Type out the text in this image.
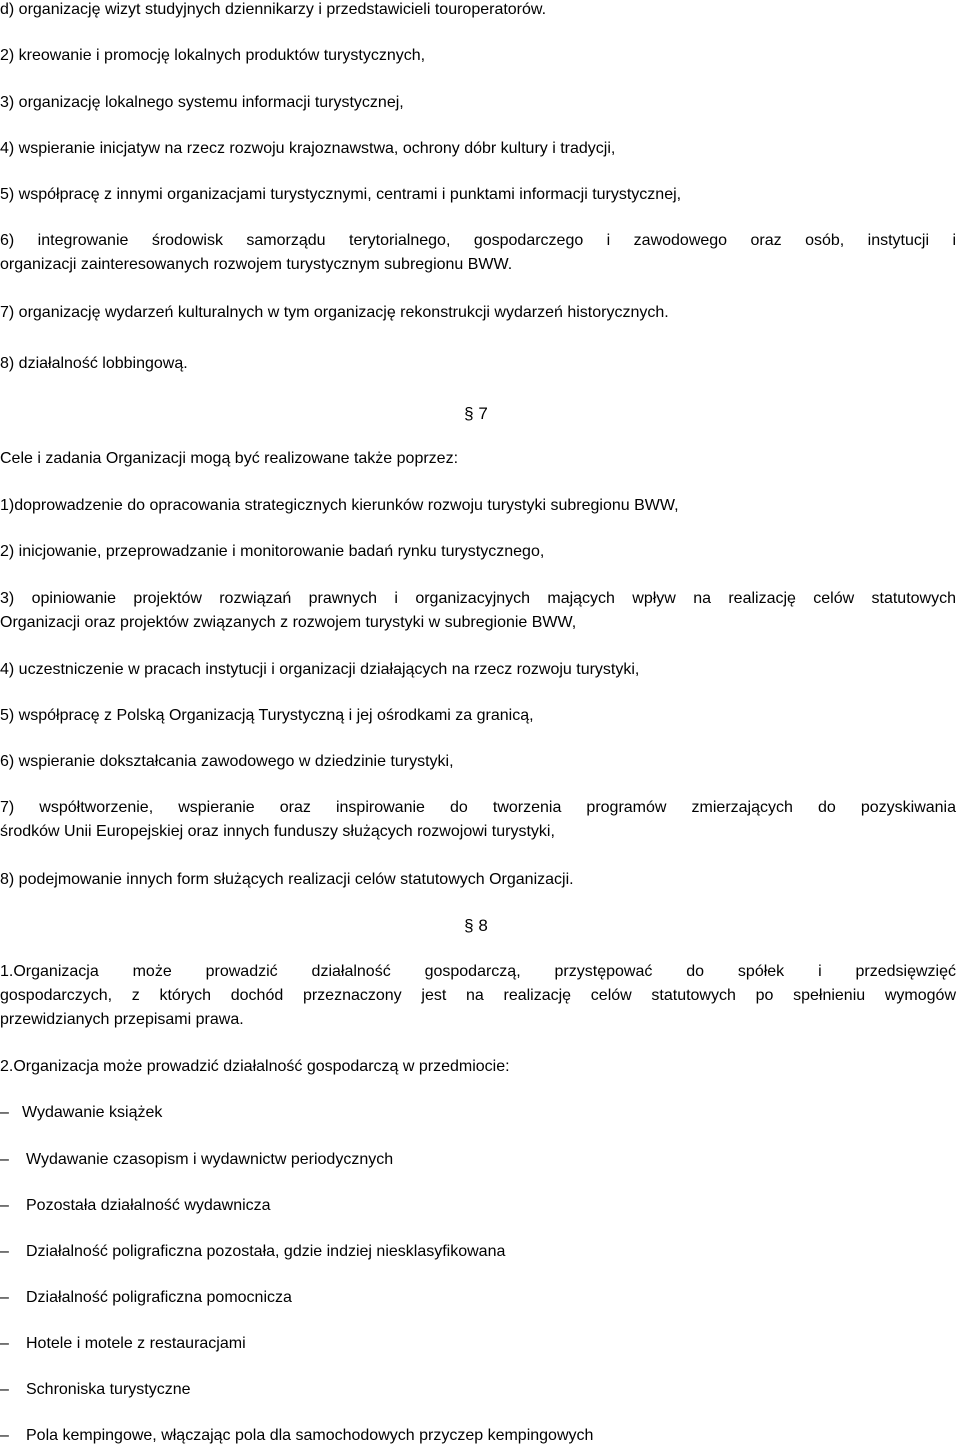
d) organizację wizyt studyjnych dziennikarzy i przedstawicieli touroperatorów.
2) kreowanie i promocję lokalnych produktów turystycznych,
3) organizację lokalnego systemu informacji turystycznej,
4) wspieranie inicjatyw na rzecz rozwoju krajoznawstwa, ochrony dóbr kultury i tradycji,
5) współpracę z innymi organizacjami turystycznymi, centrami i punktami informacji turystycznej,
6) integrowanie środowisk samorządu terytorialnego, gospodarczego i zawodowego oraz osób, instytucji i
organizacji zainteresowanych rozwojem turystycznym subregionu BWW.
7) organizację wydarzeń kulturalnych w tym organizację rekonstrukcji wydarzeń historycznych.
8) działalność lobbingową.
§ 7
Cele i zadania Organizacji mogą być realizowane także poprzez:
1)doprowadzenie do opracowania strategicznych kierunków rozwoju turystyki subregionu BWW,
2) inicjowanie, przeprowadzanie i monitorowanie badań rynku turystycznego,
3) opiniowanie projektów rozwiązań prawnych i organizacyjnych mających wpływ na realizację celów statutowych
Organizacji oraz projektów związanych z rozwojem turystyki w subregionie BWW,
4) uczestniczenie w pracach instytucji i organizacji działających na rzecz rozwoju turystyki,
5) współpracę z Polską Organizacją Turystyczną i jej ośrodkami za granicą,
6) wspieranie dokształcania zawodowego w dziedzinie turystyki,
7) współtworzenie, wspieranie oraz inspirowanie do tworzenia programów zmierzających do pozyskiwania
środków Unii Europejskiej oraz innych funduszy służących rozwojowi turystyki,
8) podejmowanie innych form służących realizacji celów statutowych Organizacji.
§ 8
1.Organizacja może prowadzić działalność gospodarczą, przystępować do spółek i przedsięwzięć
gospodarczych, z których dochód przeznaczony jest na realizację celów statutowych po spełnieniu wymogów
przewidzianych przepisami prawa.
2.Organizacja może prowadzić działalność gospodarczą w przedmiocie:
– Wydawanie książek
– Wydawanie czasopism i wydawnictw periodycznych
– Pozostała działalność wydawnicza
– Działalność poligraficzna pozostała, gdzie indziej niesklasyfikowana
– Działalność poligraficzna pomocnicza
– Hotele i motele z restauracjami
– Schroniska turystyczne
– Pola kempingowe, włączając pola dla samochodowych przyczep kempingowych
